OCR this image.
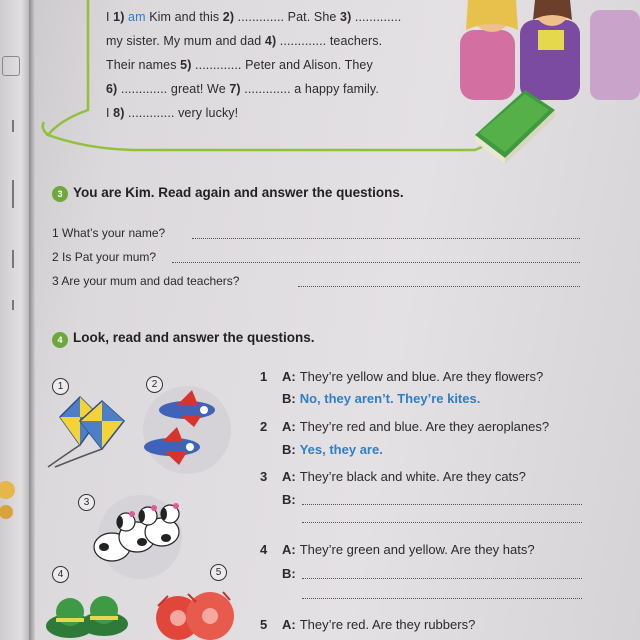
I 1) am Kim and this 2) ............. Pat. She 3) .............
my sister. My mum and dad 4) ............. teachers.
Their names 5) ............. Peter and Alison. They
6) ............. great! We 7) ............. a happy family.
I 8) ............. very lucky!
3 You are Kim. Read again and answer the questions.
1 What’s your name?
2 Is Pat your mum?
3 Are your mum and dad teachers?
4 Look, read and answer the questions.
1	2
3
4	5
1 A: They’re yellow and blue. Are they flowers?
B: No, they aren’t. They’re kites.
2 A: They’re red and blue. Are they aeroplanes?
B: Yes, they are.
3 A: They’re black and white. Are they cats?
B:
4 A: They’re green and yellow. Are they hats?
B:
5 A: They’re red. Are they rubbers?
